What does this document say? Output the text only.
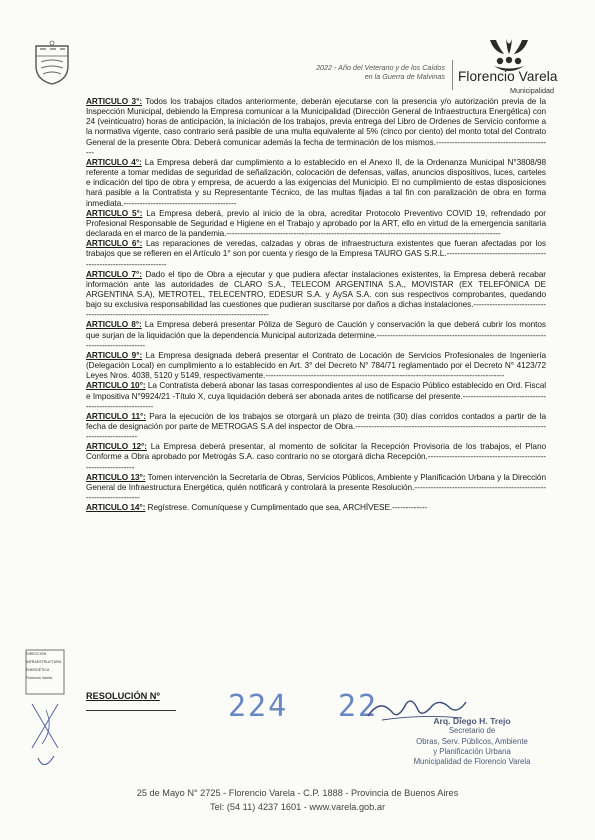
2022 - Año del Veterano y de los Caídos
en la Guerra de Malvinas Florencio Varela
Municipalidad

ARTICULO 3°: Todos los trabajos citados anteriormente, deberán ejecutarse con la presencia y/o autorización previa de la Inspección Municipal, debiendo la Empresa comunicar a la Municipalidad (Dirección General de Infraestructura Energética) con 24 (veinticuatro) horas de anticipación, la iniciación de los trabajos, previa entrega del Libro de Ordenes de Servicio conforme a la normativa vigente, caso contrario será pasible de una multa equivalente al 5% (cinco por ciento) del monto total del Contrato General de la presente Obra. Deberá comunicar además la fecha de terminación de los mismos.--------------------------------------------

ARTICULO 4°: La Empresa deberá dar cumplimiento a lo establecido en el Anexo II, de la Ordenanza Municipal N°3808/98 referente a tomar medidas de seguridad de señalización, colocación de defensas, vallas, anuncios dispositivos, luces, carteles e indicación del tipo de obra y empresa, de acuerdo a las exigencias del Municipio. El no cumplimiento de estas disposiciones hará pasible a la Contratista y su Representante Técnico, de las multas fijadas a tal fin con paralización de obra en forma inmediata.------------------------------------------

ARTICULO 5°: La Empresa deberá, previo al inicio de la obra, acreditar Protocolo Preventivo COVID 19, refrendado por Profesional Responsable de Seguridad e Higiene en el Trabajo y aprobado por la ART, ello en virtud de la emergencia sanitaria declarada en el marco de la pandemia.------------------------------------------------------------------------------------------------------

ARTICULO 6°: Las reparaciones de veredas, calzadas y obras de infraestructura existentes que fueran afectadas por los trabajos que se refieren en el Artículo 1° son por cuenta y riesgo de la Empresa TAURO GAS S.R.L.-------------------------------------------------------------------

ARTICULO 7°: Dado el tipo de Obra a ejecutar y que pudiera afectar instalaciones existentes, la Empresa deberá recabar información ante las autoridades de CLARO S.A., TELECOM ARGENTINA S.A., MOVISTAR (EX TELEFÓNICA DE ARGENTINA S.A), METROTEL, TELECENTRO, EDESUR S.A. y AySA S.A. con sus respectivos comprobantes, quedando bajo su exclusiva responsabilidad las cuestiones que pudieran suscitarse por daños a dichas instalaciones.-----------------------------------------------------------------------------------------------

ARTICULO 8°: La Empresa deberá presentar Póliza de Seguro de Caución y conservación la que deberá cubrir los montos que surjan de la liquidación que la dependencia Municipal autorizada determine.-------------------------------------------------------------------------------------

ARTICULO 9°: La Empresa designada deberá presentar el Contrato de Locación de Servicios Profesionales de Ingeniería (Delegación Local) en cumplimiento a lo establecido en Art. 3° del Decreto N° 784/71 reglamentado por el Decreto N° 4123/72 Leyes Nros. 4038, 5120 y 5149, respectivamente.-----------------------------------------------------------------------------------------

ARTICULO 10°: La Contratista deberá abonar las tasas correspondientes al uso de Espacio Público establecido en Ord. Fiscal e Impositiva N°9924/21 -Título X, cuya liquidación deberá ser abonada antes de notificarse del presente.--------------------------------------------------------

ARTICULO 11°: Para la ejecución de los trabajos se otorgará un plazo de treinta (30) días corridos contados a partir de la fecha de designación por parte de METROGAS S.A del inspector de Obra.------------------------------------------------------------------------------------------

ARTICULO 12°: La Empresa deberá presentar, al momento de solicitar la Recepción Provisoria de los trabajos, el Plano Conforme a Obra aprobado por Metrogás S.A. caso contrario no se otorgará dicha Recepción.--------------------------------------------------------------

ARTICULO 13°: Tomen intervención la Secretaría de Obras, Servicios Públicos, Ambiente y Planificación Urbana y la Dirección General de Infraestructura Energética, quién notificará y controlará la presente Resolución.---------------------------------------------------------------------

ARTICULO 14°: Regístrese. Comuníquese y Cumplimentado que sea, ARCHÍVESE.-------------

RESOLUCIÓN Nº 224 22	Arq. Diego H. Trejo
Secretario de
Obras, Serv. Públicos, Ambiente
y Planificación Urbana
Municipalidad de Florencio Varela
DIRECCIÓN
INFRAESTRUCTURA
ENERGÉTICA
Florencio Varela
25 de Mayo N° 2725 - Florencio Varela - C.P. 1888 - Provincia de Buenos Aires
Tel: (54 11) 4237 1601 - www.varela.gob.ar
